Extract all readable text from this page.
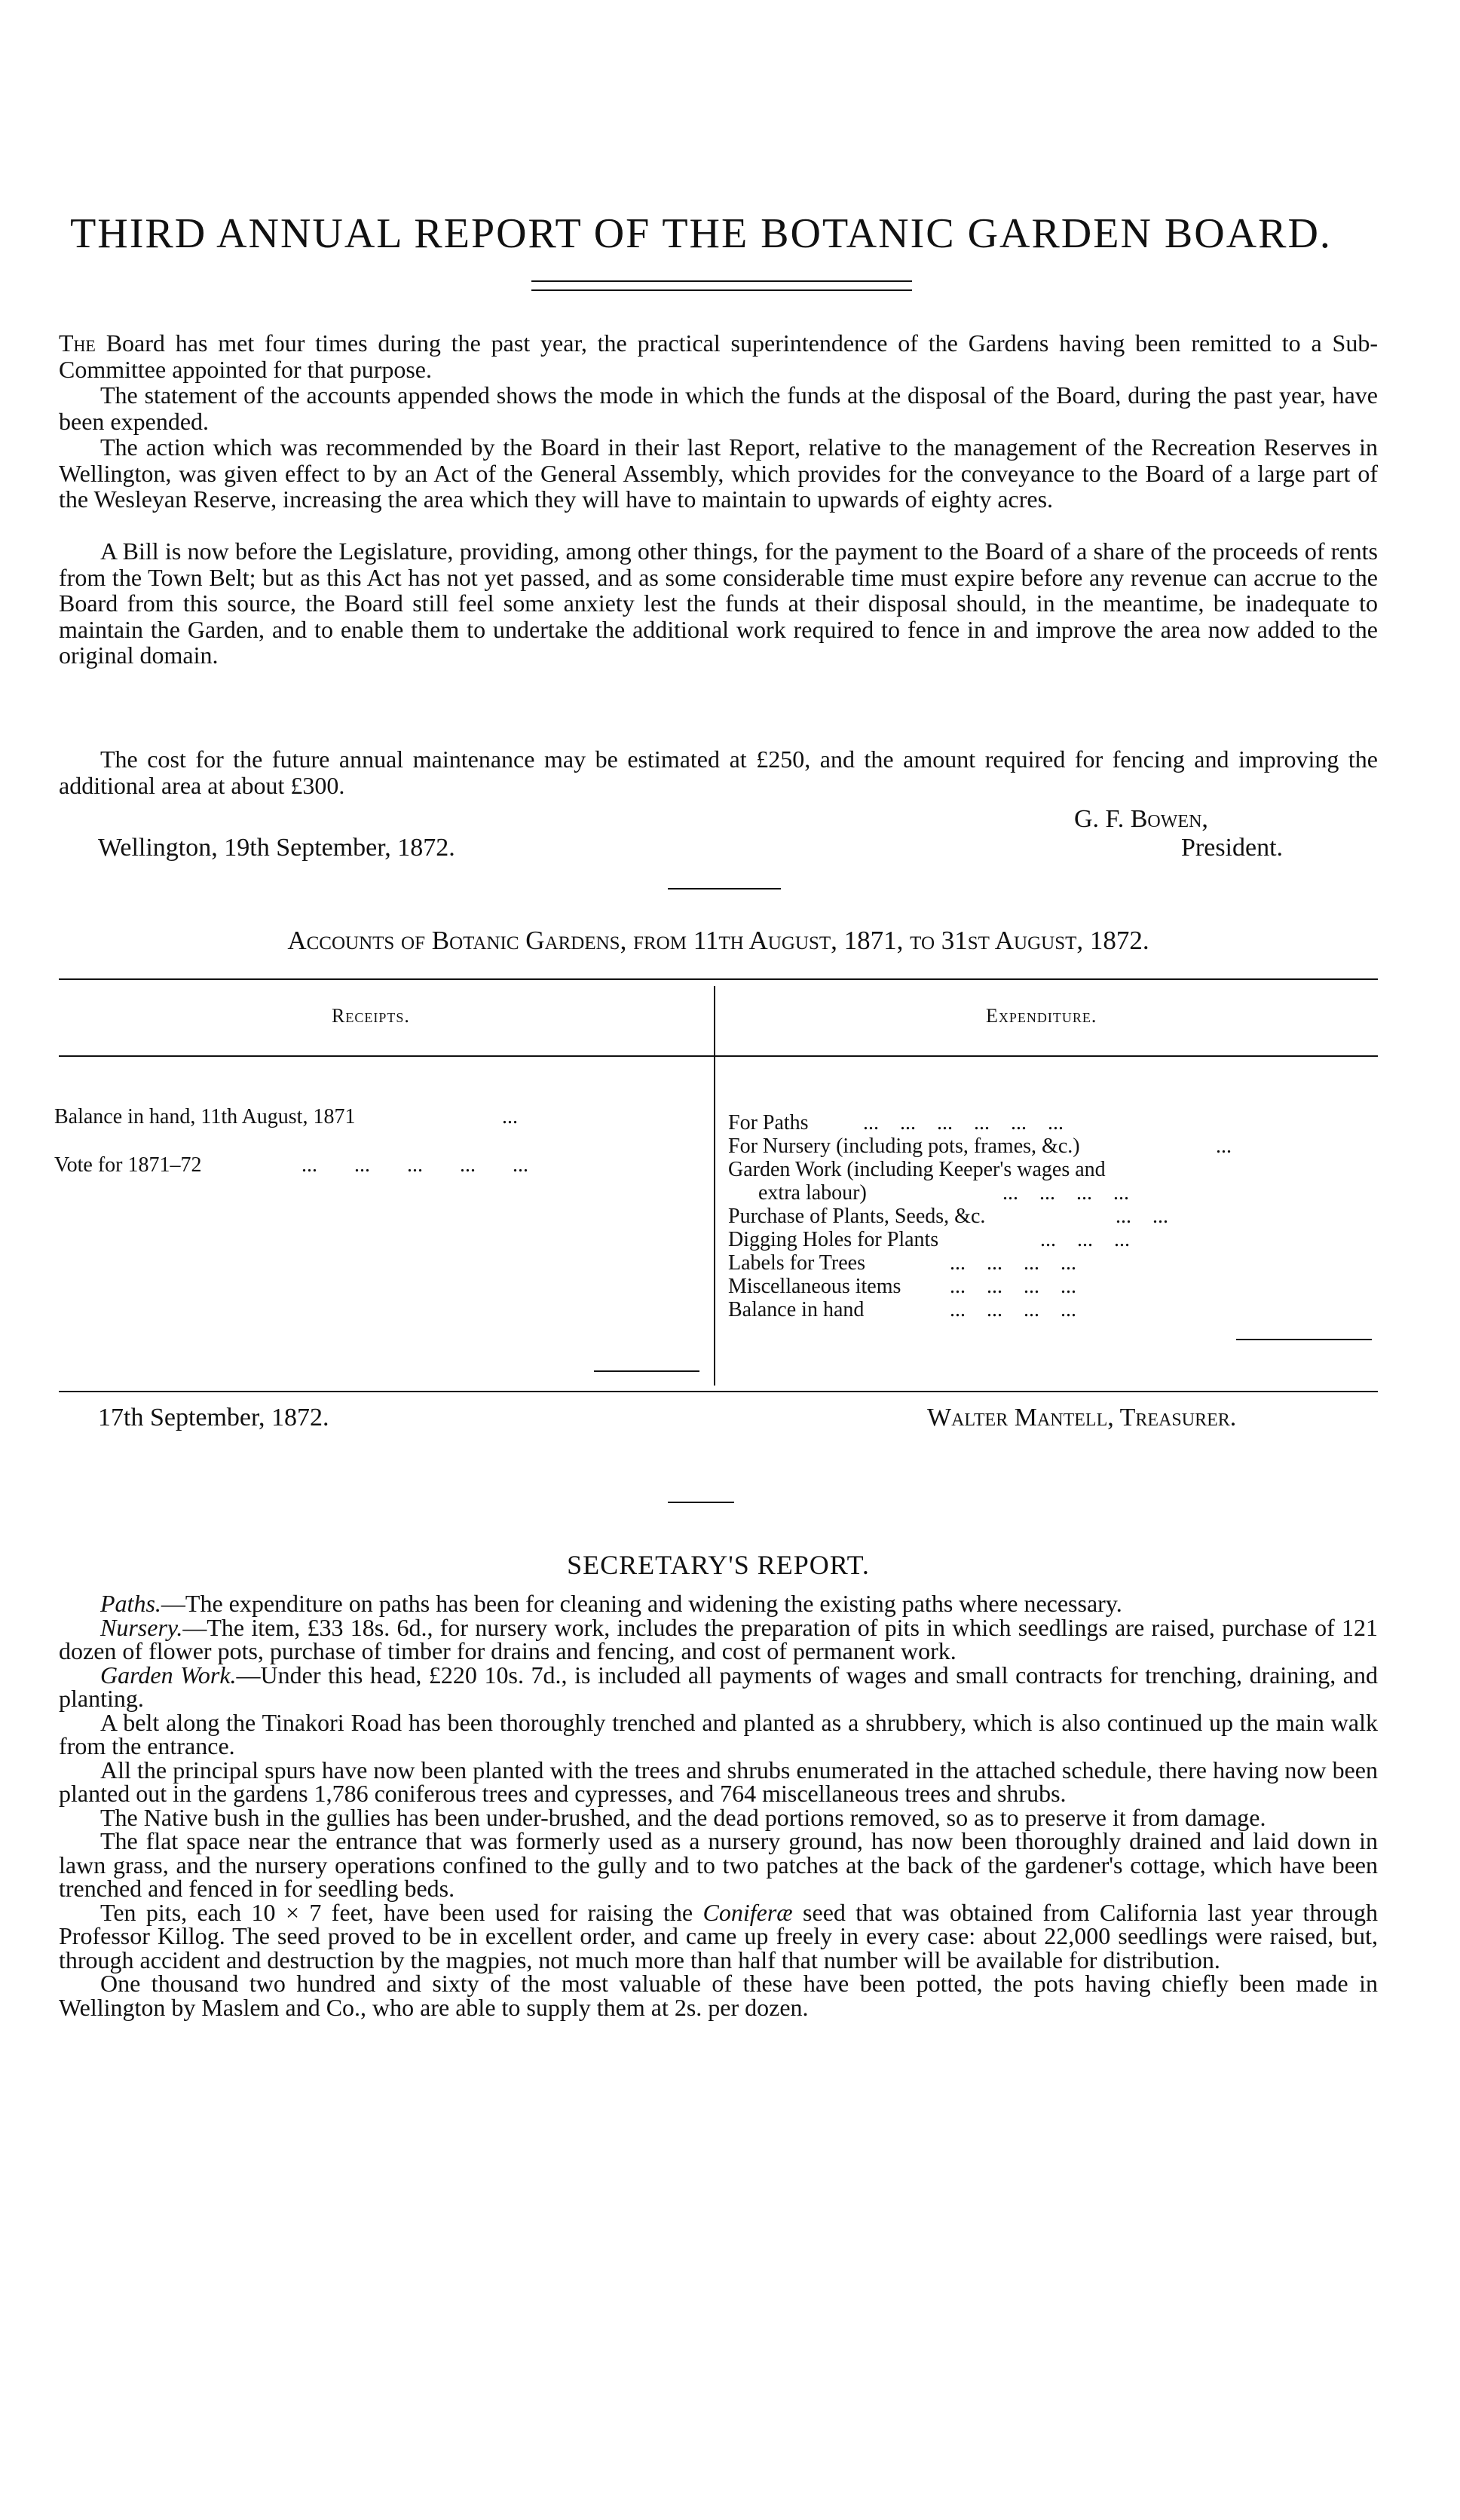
THIRD ANNUAL REPORT OF THE BOTANIC GARDEN BOARD.

The Board has met four times during the past year, the practical superintendence of the Gardens having been remitted to a Sub-Committee appointed for that purpose.

The statement of the accounts appended shows the mode in which the funds at the disposal of the Board, during the past year, have been expended.

The action which was recommended by the Board in their last Report, relative to the management of the Recreation Reserves in Wellington, was given effect to by an Act of the General Assembly, which provides for the conveyance to the Board of a large part of the Wesleyan Reserve, increasing the area which they will have to maintain to upwards of eighty acres.

A Bill is now before the Legislature, providing, among other things, for the payment to the Board of a share of the proceeds of rents from the Town Belt; but as this Act has not yet passed, and as some considerable time must expire before any revenue can accrue to the Board from this source, the Board still feel some anxiety lest the funds at their disposal should, in the meantime, be inadequate to maintain the Garden, and to enable them to undertake the additional work required to fence in and improve the area now added to the original domain.

The cost for the future annual maintenance may be estimated at £250, and the amount required for fencing and improving the additional area at about £300.

G. F. Bowen,
President.
Wellington, 19th September, 1872.
Accounts of Botanic Gardens, from 11th August, 1871, to 31st August, 1872.
Receipts.	Expenditure.
Balance in hand, 11th August, 1871	...
Vote for 1871–72	...       ...       ...       ...       ...
For Paths	...    ...    ...    ...    ...    ...
For Nursery (including pots, frames, &c.)	...
Garden Work (including Keeper's wages and
extra labour)	...    ...    ...    ...
Purchase of Plants, Seeds, &c.	...    ...
Digging Holes for Plants	...    ...    ...
Labels for Trees	...    ...    ...    ...
Miscellaneous items ...    ...    ...    ...
Balance in hand	...    ...    ...    ...
17th September, 1872.	Walter Mantell, Treasurer.
SECRETARY'S REPORT.

Paths.—The expenditure on paths has been for cleaning and widening the existing paths where necessary.

Nursery.—The item, £33 18s. 6d., for nursery work, includes the preparation of pits in which seedlings are raised, purchase of 121 dozen of flower pots, purchase of timber for drains and fencing, and cost of permanent work.

Garden Work.—Under this head, £220 10s. 7d., is included all payments of wages and small contracts for trenching, draining, and planting.

A belt along the Tinakori Road has been thoroughly trenched and planted as a shrubbery, which is also continued up the main walk from the entrance.

All the principal spurs have now been planted with the trees and shrubs enumerated in the attached schedule, there having now been planted out in the gardens 1,786 coniferous trees and cypresses, and 764 miscellaneous trees and shrubs.

The Native bush in the gullies has been under-brushed, and the dead portions removed, so as to preserve it from damage.

The flat space near the entrance that was formerly used as a nursery ground, has now been thoroughly drained and laid down in lawn grass, and the nursery operations confined to the gully and to two patches at the back of the gardener's cottage, which have been trenched and fenced in for seedling beds.

Ten pits, each 10 × 7 feet, have been used for raising the Coniferæ seed that was obtained from California last year through Professor Killog. The seed proved to be in excellent order, and came up freely in every case: about 22,000 seedlings were raised, but, through accident and destruction by the magpies, not much more than half that number will be available for distribution.

One thousand two hundred and sixty of the most valuable of these have been potted, the pots having chiefly been made in Wellington by Maslem and Co., who are able to supply them at 2s. per dozen.
